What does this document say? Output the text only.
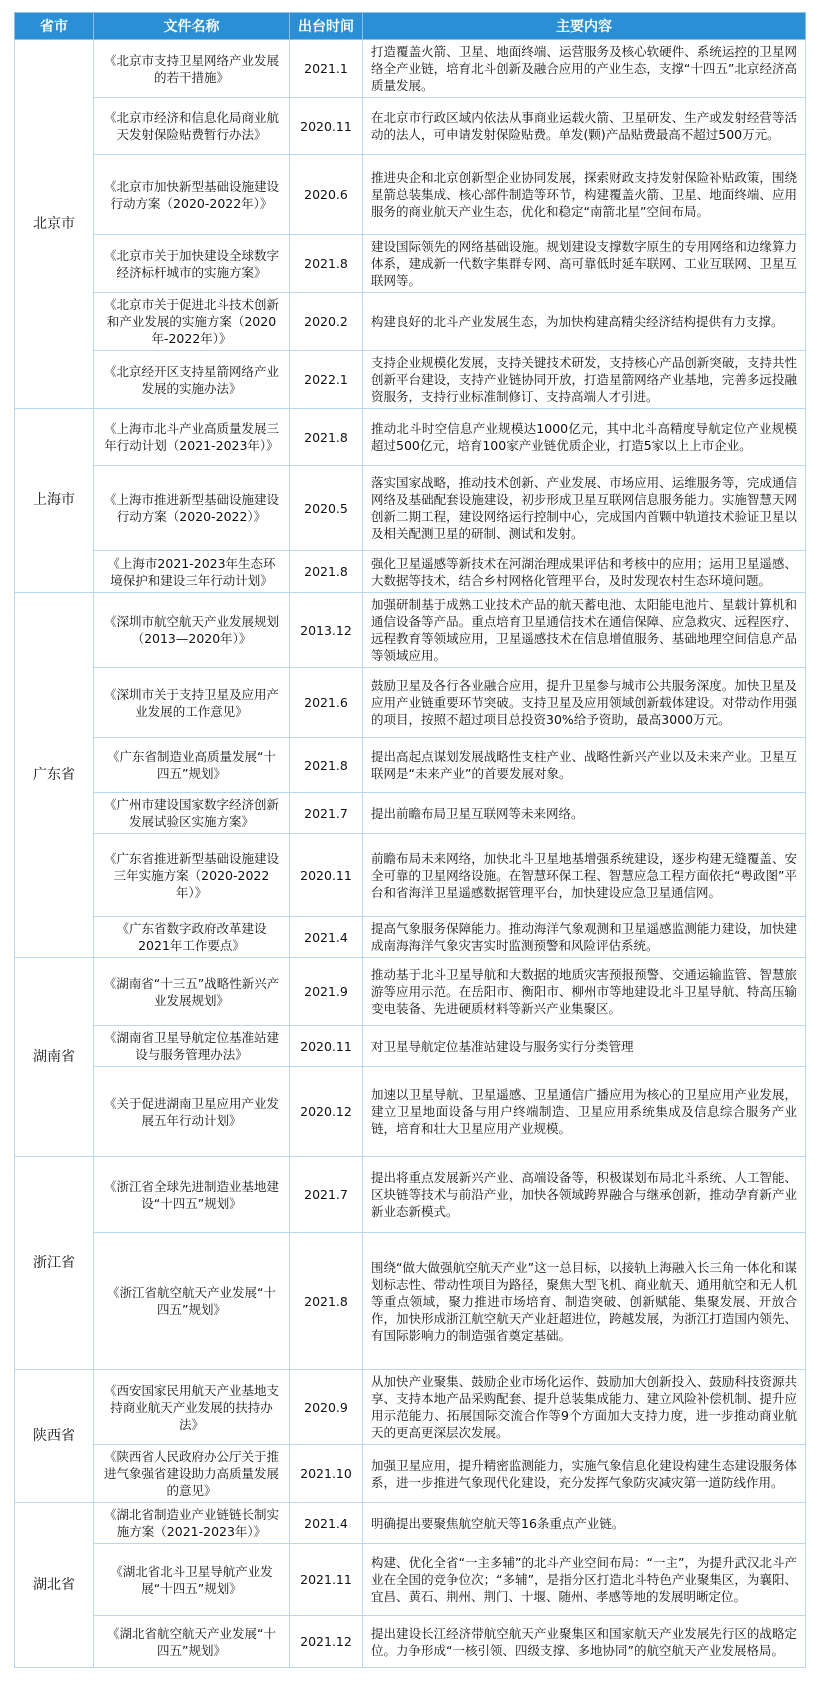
省市	文件名称	出台时间	主要内容
北京市	《北京市支持卫星网络产业发展的若干措施》	2021.1	打造覆盖火箭、卫星、地面终端、运营服务及核心软硬件、系统运控的卫星网络全产业链，培育北斗创新及融合应用的产业生态，支撑“十四五”北京经济高质量发展。
	《北京市经济和信息化局商业航天发射保险贴费暂行办法》	2020.11	在北京市行政区域内依法从事商业运载火箭、卫星研发、生产或发射经营等活动的法人，可申请发射保险贴费。单发(颗)产品贴费最高不超过500万元。
	《北京市加快新型基础设施建设行动方案（2020-2022年）》	2020.6	推进央企和北京创新型企业协同发展，探索财政支持发射保险补贴政策，围绕星箭总装集成、核心部件制造等环节，构建覆盖火箭、卫星、地面终端、应用服务的商业航天产业生态，优化和稳定“南箭北星”空间布局。
	《北京市关于加快建设全球数字经济标杆城市的实施方案》	2021.8	建设国际领先的网络基础设施。规划建设支撑数字原生的专用网络和边缘算力体系，建成新一代数字集群专网、高可靠低时延车联网、工业互联网、卫星互联网等。
	《北京市关于促进北斗技术创新和产业发展的实施方案（2020年-2022年）》	2020.2	构建良好的北斗产业发展生态，为加快构建高精尖经济结构提供有力支撑。
	《北京经开区支持星箭网络产业发展的实施办法》	2022.1	支持企业规模化发展，支持关键技术研发，支持核心产品创新突破，支持共性创新平台建设，支持产业链协同开放，打造星箭网络产业基地，完善多远投融资服务，支持行业标准制修订、支持高端人才引进。
上海市	《上海市北斗产业高质量发展三年行动计划（2021-2023年）》	2021.8	推动北斗时空信息产业规模达1000亿元，其中北斗高精度导航定位产业规模超过500亿元，培育100家产业链优质企业，打造5家以上上市企业。
	《上海市推进新型基础设施建设行动方案（2020-2022）》	2020.5	落实国家战略，推动技术创新、产业发展、市场应用、运维服务等，完成通信网络及基础配套设施建设，初步形成卫星互联网信息服务能力。实施智慧天网创新二期工程，建设网络运行控制中心，完成国内首颗中轨道技术验证卫星以及相关配测卫星的研制、测试和发射。
	《上海市2021-2023年生态环境保护和建设三年行动计划》	2021.8	强化卫星遥感等新技术在河湖治理成果评估和考核中的应用；运用卫星遥感、大数据等技术，结合乡村网格化管理平台，及时发现农村生态环境问题。
广东省	《深圳市航空航天产业发展规划（2013—2020年）》	2013.12	加强研制基于成熟工业技术产品的航天蓄电池、太阳能电池片、星载计算机和通信设备等产品。重点培育卫星通信技术在通信保障、应急救灾、远程医疗、远程教育等领域应用，卫星遥感技术在信息增值服务、基础地理空间信息产品等领域应用。
	《深圳市关于支持卫星及应用产业发展的工作意见》	2021.6	鼓励卫星及各行各业融合应用，提升卫星参与城市公共服务深度。加快卫星及应用产业链重要环节突破。支持卫星及应用领域创新载体建设。对带动作用强的项目，按照不超过项目总投资30%给予资助，最高3000万元。
	《广东省制造业高质量发展“十四五”规划》	2021.8	提出高起点谋划发展战略性支柱产业、战略性新兴产业以及未来产业。卫星互联网是“未来产业”的首要发展对象。
	《广州市建设国家数字经济创新发展试验区实施方案》	2021.7	提出前瞻布局卫星互联网等未来网络。
	《广东省推进新型基础设施建设三年实施方案（2020-2022年）》	2020.11	前瞻布局未来网络，加快北斗卫星地基增强系统建设，逐步构建无缝覆盖、安全可靠的卫星网络设施。在智慧环保工程、智慧应急工程方面依托“粤政图”平台和省海洋卫星遥感数据管理平台，加快建设应急卫星通信网。
	《广东省数字政府改革建设2021年工作要点》	2021.4	提高气象服务保障能力。推动海洋气象观测和卫星遥感监测能力建设，加快建成南海海洋气象灾害实时监测预警和风险评估系统。
湖南省	《湖南省“十三五”战略性新兴产业发展规划》	2021.9	推动基于北斗卫星导航和大数据的地质灾害预报预警、交通运输监管、智慧旅游等应用示范。在岳阳市、衡阳市、柳州市等地建设北斗卫星导航、特高压输变电装备、先进硬质材料等新兴产业集聚区。
	《湖南省卫星导航定位基准站建设与服务管理办法》	2020.11	对卫星导航定位基准站建设与服务实行分类管理
	《关于促进湖南卫星应用产业发展五年行动计划》	2020.12	加速以卫星导航、卫星遥感、卫星通信广播应用为核心的卫星应用产业发展，建立卫星地面设备与用户终端制造、卫星应用系统集成及信息综合服务产业链，培育和壮大卫星应用产业规模。
浙江省	《浙江省全球先进制造业基地建设“十四五”规划》	2021.7	提出将重点发展新兴产业、高端设备等，积极谋划布局北斗系统、人工智能、区块链等技术与前沿产业，加快各领域跨界融合与继承创新，推动孕育新产业新业态新模式。
	《浙江省航空航天产业发展“十四五”规划》	2021.8	围绕“做大做强航空航天产业”这一总目标，以接轨上海融入长三角一体化和谋划标志性、带动性项目为路径，聚焦大型飞机、商业航天、通用航空和无人机等重点领域，聚力推进市场培育、制造突破、创新赋能、集聚发展、开放合作，加快形成浙江航空航天产业赶超进位，跨越发展，为浙江打造国内领先、有国际影响力的制造强省奠定基础。
陕西省	《西安国家民用航天产业基地支持商业航天产业发展的扶持办法》	2020.9	从加快产业聚集、鼓励企业市场化运作、鼓励加大创新投入、鼓励科技资源共享、支持本地产品采购配套、提升总装集成能力、建立风险补偿机制、提升应用示范能力、拓展国际交流合作等9个方面加大支持力度，进一步推动商业航天的更高更深层次发展。
	《陕西省人民政府办公厅关于推进气象强省建设助力高质量发展的意见》	2021.10	加强卫星应用，提升精密监测能力，实施气象信息化建设构建生态建设服务体系，进一步推进气象现代化建设，充分发挥气象防灾减灾第一道防线作用。
湖北省	《湖北省制造业产业链链长制实施方案（2021-2023年）》	2021.4	明确提出要聚焦航空航天等16条重点产业链。
	《湖北省北斗卫星导航产业发展“十四五”规划》	2021.11	构建、优化全省“一主多辅”的北斗产业空间布局：“一主”，为提升武汉北斗产业在全国的竞争位次；“多辅”，是指分区打造北斗特色产业聚集区，为襄阳、宜昌、黄石、荆州、荆门、十堰、随州、孝感等地的发展明晰定位。
	《湖北省航空航天产业发展“十四五”规划》	2021.12	提出建设长江经济带航空航天产业聚集区和国家航天产业发展先行区的战略定位。力争形成“一核引领、四级支撑、多地协同”的航空航天产业发展格局。
